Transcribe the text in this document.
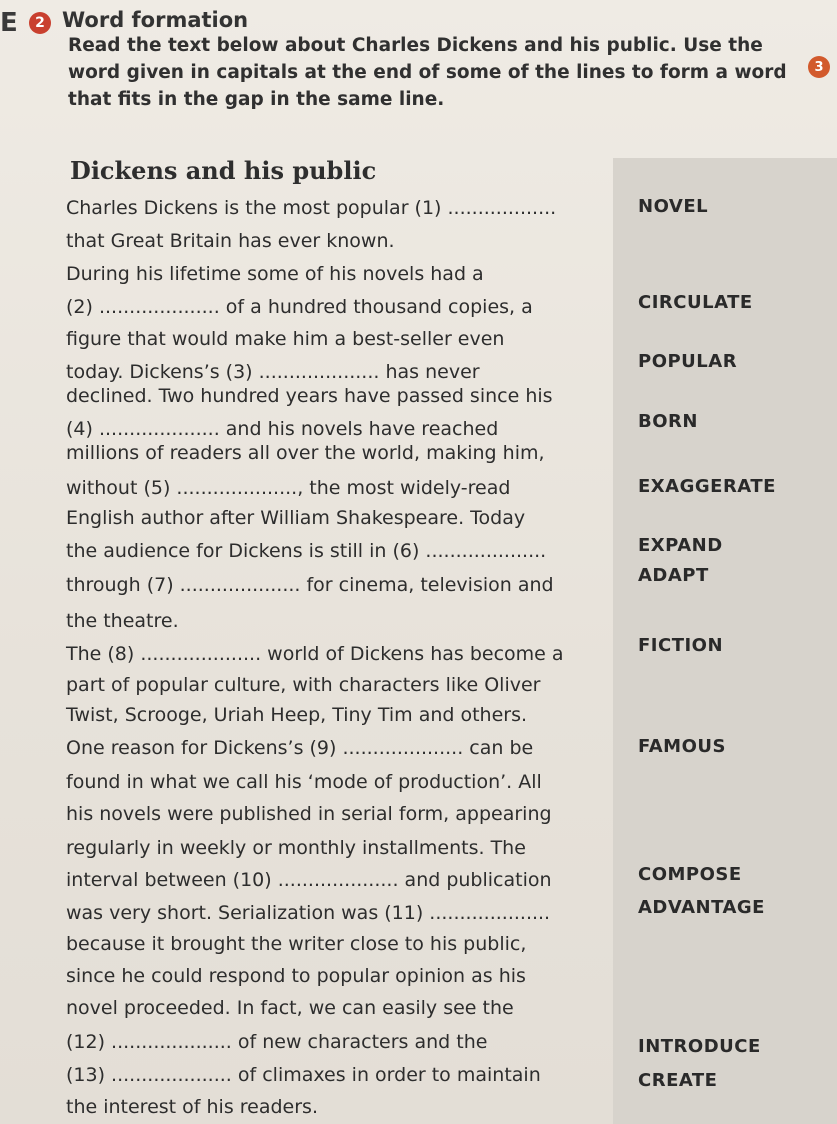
E	2 Word formation
Read the text below about Charles Dickens and his public. Use the word given in capitals at the end of some of the lines to form a word that fits in the gap in the same line.
3
Dickens and his public
Charles Dickens is the most popular (1) ..................
that Great Britain has ever known.
During his lifetime some of his novels had a
(2) .................... of a hundred thousand copies, a
figure that would make him a best-seller even
today. Dickens’s (3) .................... has never
declined. Two hundred years have passed since his
(4) .................... and his novels have reached
millions of readers all over the world, making him,
without (5) ...................., the most widely-read
English author after William Shakespeare. Today
the audience for Dickens is still in (6) ....................
through (7) .................... for cinema, television and
the theatre.
The (8) .................... world of Dickens has become a
part of popular culture, with characters like Oliver
Twist, Scrooge, Uriah Heep, Tiny Tim and others.
One reason for Dickens’s (9) .................... can be
found in what we call his ‘mode of production’. All
his novels were published in serial form, appearing
regularly in weekly or monthly installments. The
interval between (10) .................... and publication
was very short. Serialization was (11) ....................
because it brought the writer close to his public,
since he could respond to popular opinion as his
novel proceeded. In fact, we can easily see the
(12) .................... of new characters and the
(13) .................... of climaxes in order to maintain
the interest of his readers.
NOVEL
CIRCULATE
POPULAR
BORN
EXAGGERATE
EXPAND
ADAPT
FICTION
FAMOUS
COMPOSE
ADVANTAGE
INTRODUCE
CREATE
